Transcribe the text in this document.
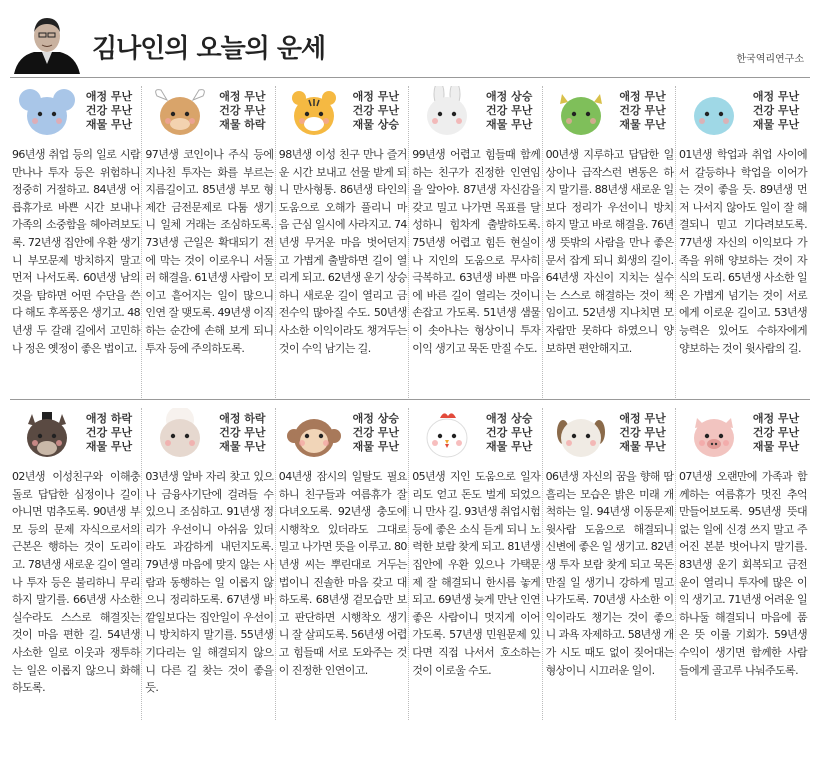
김나인의 오늘의 운세	한국역리연구소
애정 무난
건강 무난
재물 무난
96년생 취업 등의 일로 시람 만나나 투자 등은 위험하니 정중히 거절하고. 84년생 어릅휴가로 바쁜 시간 보내나 가족의 소중함을 헤아려보도록. 72년생 집안에 우환 생기니 부모문제 방치하지 말고 먼저 나서도록. 60년생 남의 것을 탐하면 어떤 수단을 쓴다 해도 후폭풍은 생기고. 48년생 두 갈래 길에서 고민하나 정은 옛정이 좋은 법이고.
애정 무난
건강 무난
재물 하락
97년생 코인이나 주식 등에 지나친 투자는 화를 부르는 지름길이고. 85년생 부모 형제간 금전문제로 다툼 생기니 일체 거래는 조심하도록. 73년생 근일은 확대되기 전에 막는 것이 이로우니 서둘러 해결을. 61년생 사람이 모이고 흩어지는 일이 많으니 인연 잘 맺도록. 49년생 이직하는 순간에 손해 보게 되니 투자 등에 주의하도록.
애정 무난
건강 무난
재물 상승
98년생 이성 친구 만나 즐거운 시간 보내고 선물 받게 되니 만사형통. 86년생 타인의 도움으로 오해가 풀리니 마음 근심 일시에 사라지고. 74년생 무거운 마음 벗어던지고 가볍게 출발하면 길이 열리게 되고. 62년생 운기 상승하니 새로운 길이 열리고 금전수익 많아질 수도. 50년생 사소한 이익이라도 챙겨두는 것이 수익 남기는 길.
애정 상승
건강 무난
재물 무난
99년생 어렵고 힘들때 함께하는 친구가 진정한 인연임을 알아야. 87년생 자신감을 갖고 밀고 나가면 목표를 달성하니 힘차게 출발하도록. 75년생 어렵고 힘든 현실이나 지인의 도움으로 무사히 극복하고. 63년생 바쁜 마음에 바른 길이 열리는 것이니 손잡고 가도록. 51년생 샘물이 솟아나는 형상이니 투자 이익 생기고 묵돈 만질 수도.
애정 무난
건강 무난
재물 무난
00년생 지루하고 답답한 일상이나 급작스런 변동은 하지 말기를. 88년생 새로운 일보다 정리가 우선이니 방치하지 말고 바로 해결을. 76년생 뜻밖의 사람을 만나 좋은 문서 잡게 되니 회생의 길이. 64년생 자신이 지치는 실수는 스스로 해결하는 것이 책임이고. 52년생 지나치면 모자람만 못하다 하였으니 양보하면 편안해지고.
애정 무난
건강 무난
재물 무난
01년생 학업과 취업 사이에서 갈등하나 학업을 이어가는 것이 좋을 듯. 89년생 먼저 나서지 않아도 일이 잘 해결되니 믿고 기다려보도록. 77년생 자신의 이익보다 가족을 위해 양보하는 것이 자식의 도리. 65년생 사소한 일은 가볍게 넘기는 것이 서로에게 이로운 길이고. 53년생 능력은 있어도 수하자에게 양보하는 것이 윗사람의 길.
애정 하락
건강 무난
재물 무난
02년생 이성친구와 이해충돌로 답답한 심정이나 길이 아니면 멈추도록. 90년생 부모 등의 문제 자식으로서의 근본은 행하는 것이 도리이고. 78년생 새로운 길이 열리나 투자 등은 불리하니 무리하지 말기를. 66년생 사소한 실수라도 스스로 해결짓는 것이 마음 편한 길. 54년생 사소한 일로 이웃과 쟁투하는 일은 이롭지 않으니 화해하도록.
애정 하락
건강 무난
재물 무난
03년생 알바 자리 찾고 있으나 금융사기단에 걸려들 수 있으니 조심하고. 91년생 정리가 우선이니 아쉬움 있더라도 과감하게 내던지도록. 79년생 마음에 맞지 않는 사람과 동행하는 일 이롭지 않으니 정리하도록. 67년생 바깥일보다는 집안일이 우선이니 방치하지 말기를. 55년생 기다리는 일 해결되지 않으니 다른 길 찾는 것이 좋을 듯.
애정 상승
건강 무난
재물 무난
04년생 잠시의 일탈도 필요하니 친구들과 여름휴가 잘 다녀오도록. 92년생 충도에 시행착오 있더라도 그대로 밀고 나가면 뜻을 이루고. 80년생 씨는 뿌린대로 거두는 법이니 진솔한 마음 갖고 대하도록. 68년생 겉모습만 보고 판단하면 시행착오 생기니 잘 살피도록. 56년생 어렵고 힘들때 서로 도와주는 것이 진정한 인연이고.
애정 상승
건강 무난
재물 무난
05년생 지인 도움으로 일자리도 얻고 돈도 벌게 되었으니 만사 길. 93년생 취업시험 등에 좋은 소식 듣게 되니 노력한 보람 찾게 되고. 81년생 집안에 우환 있으나 가택문제 잘 해결되니 한시름 놓게 되고. 69년생 늦게 만난 인연 좋은 사람이니 멋지게 이어가도록. 57년생 민원문제 있다면 직접 나서서 호소하는 것이 이로울 수도.
애정 무난
건강 무난
재물 무난
06년생 자신의 꿈을 향해 땀 흘리는 모습은 밝은 미래 개척하는 일. 94년생 이동문제 윗사람 도움으로 해결되니 신변에 좋은 일 생기고. 82년생 투자 보람 찾게 되고 묵돈 만질 일 생기니 강하게 밀고 나가도록. 70년생 사소한 이익이라도 챙기는 것이 좋으니 과욕 자제하고. 58년생 개가 시도 때도 없이 짖어대는 형상이니 시끄러운 일이.
애정 무난
건강 무난
재물 무난
07년생 오랜만에 가족과 함께하는 여름휴가 멋진 추억 만들어보도록. 95년생 뜻대없는 일에 신경 쓰지 말고 주어진 본분 벗어나지 말기를. 83년생 운기 회복되고 금전운이 열리니 투자에 많은 이익 생기고. 71년생 어려운 일 하나둘 해결되니 마음에 품은 뜻 이룰 기회가. 59년생 수익이 생기면 함께한 사람들에게 골고루 나눠주도록.
